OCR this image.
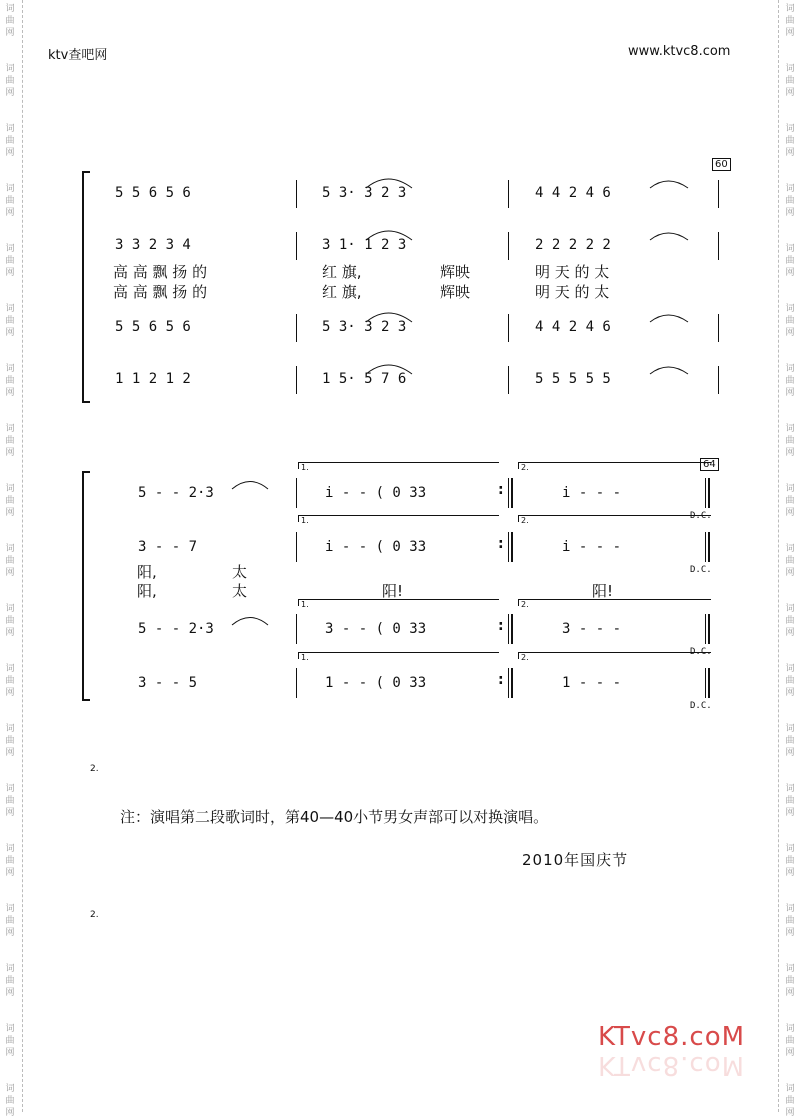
词
曲
网
词
曲
网
词
曲
网
词
曲
网
词
曲
网
词
曲
网
词
曲
网
词
曲
网
词
曲
网
词
曲
网
词
曲
网
词
曲
网
词
曲
网
词
曲
网
词
曲
网
词
曲
网
词
曲
网
词
曲
网
词
曲
网
词
曲
网
词
曲
网
词
曲
网
词
曲
网
词
曲
网
词
曲
网
词
曲
网
词
曲
网
词
曲
网
词
曲
网
词
曲
网
词
曲
网
词
曲
网
词
曲
网
词
曲
网
词
曲
网
词
曲
网
词
曲
网
词
曲
网
ktv查吧网	www.ktvc8.com
60
5 5 6 5 6	5 3· 3 2 3	4 4 2 4 6
3 3 2 3 4	3 1· 1 2 3	2 2 2 2 2
5 5 6 5 6	5 3· 3 2 3	4 4 2 4 6
1 1 2 1 2	1 5· 5 7 6	5 5 5 5 5
高 高 飘 扬 的	红 旗,	辉映	明 天 的 太
高 高 飘 扬 的	红 旗,	辉映	明 天 的 太
64
1.	2.
1.	2.
1.	2.
1.	2.
:
:
:
:
D.C.
D.C.
D.C.
D.C.
5 - - 2·3	i - - ( 0 33	i - - -
3 - - 7	i - - ( 0 33	i - - -
5 - - 2·3	3 - - ( 0 33	3 - - -
3 - - 5	1 - - ( 0 33	1 - - -
阳,	太
阳,	太	阳!	阳!
2.
注：演唱第二段歌词时，第40—40小节男女声部可以对换演唱。
2010年国庆节
2.
KTvc8.coM
KTvc8.coM
